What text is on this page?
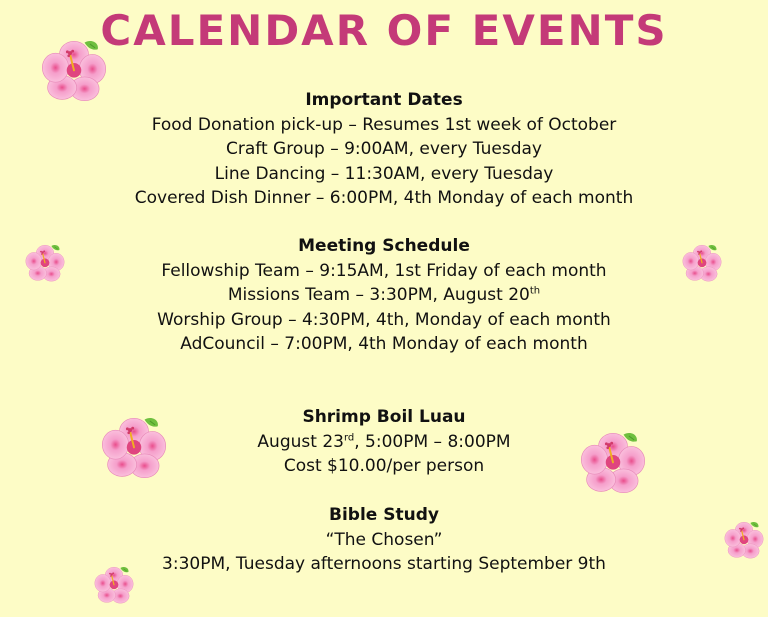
CALENDAR OF EVENTS
Important Dates
Food Donation pick-up – Resumes 1st week of October
Craft Group – 9:00AM, every Tuesday
Line Dancing – 11:30AM, every Tuesday
Covered Dish Dinner – 6:00PM, 4th Monday of each month
Meeting Schedule
Fellowship Team – 9:15AM, 1st Friday of each month
Missions Team – 3:30PM, August 20th
Worship Group – 4:30PM, 4th, Monday of each month
AdCouncil – 7:00PM, 4th Monday of each month
Shrimp Boil Luau
August 23rd, 5:00PM – 8:00PM
Cost $10.00/per person
Bible Study
“The Chosen”
3:30PM, Tuesday afternoons starting September 9th
